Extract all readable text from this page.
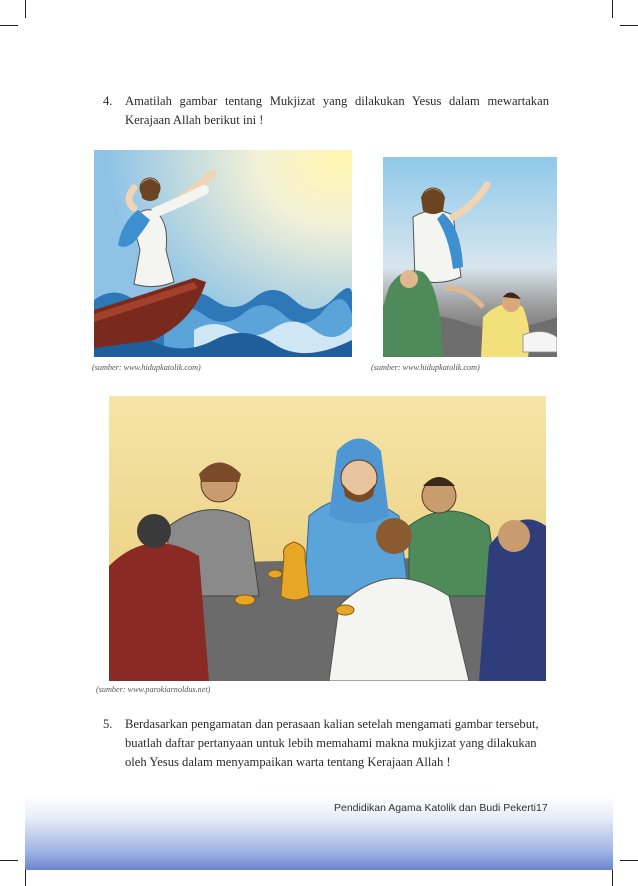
4. Amatilah gambar tentang Mukjizat yang dilakukan Yesus dalam mewartakan Kerajaan Allah berikut ini !
(sumber: www.hidupkatolik.com)	(sumber: www.hidupkatolik.com)
(sumber: www.parokiarnoldus.net)
5. Berdasarkan pengamatan dan perasaan kalian setelah mengamati gambar tersebut, buatlah daftar pertanyaan untuk lebih memahami makna mukjizat yang dilakukan oleh Yesus dalam menyampaikan warta tentang Kerajaan Allah !
Pendidikan Agama Katolik dan Budi Pekerti 17
